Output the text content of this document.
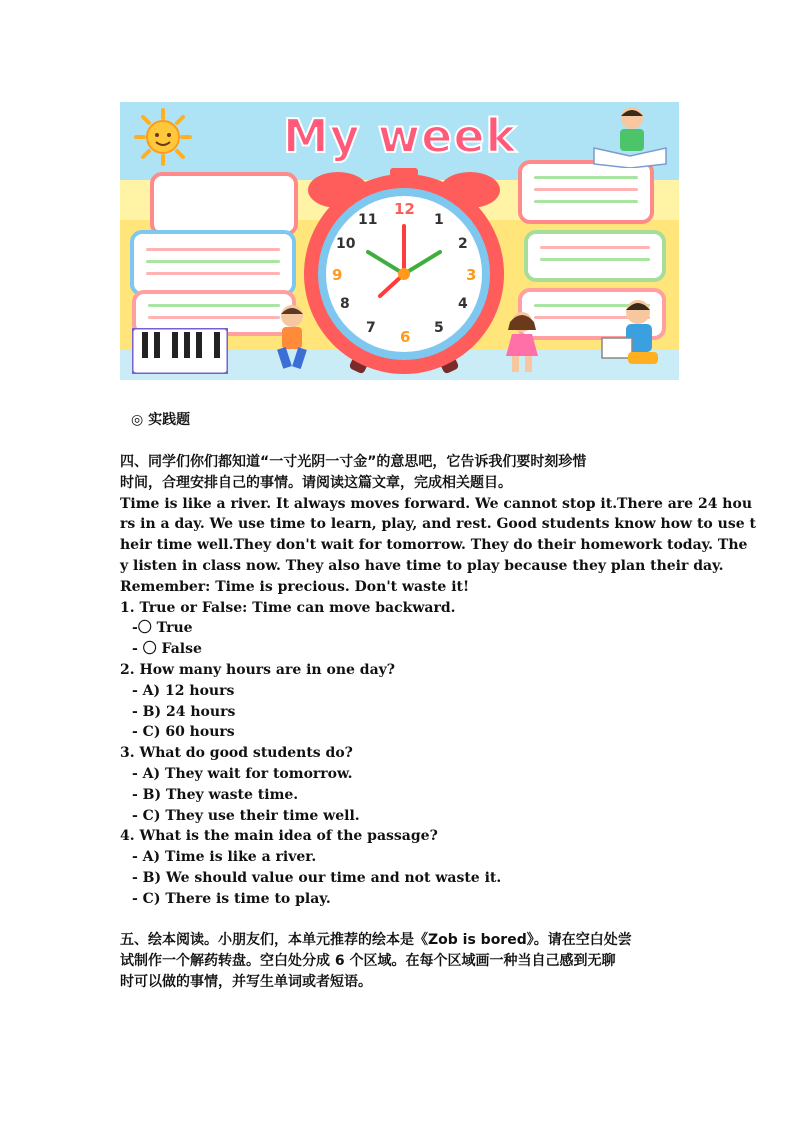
My week
12
1
2
3
4
5
6
7
8
9
10
11
◎ 实践题
四、同学们你们都知道“一寸光阴一寸金”的意思吧，它告诉我们要时刻珍惜
时间，合理安排自己的事情。请阅读这篇文章，完成相关题目。
Time is like a river. It always moves forward. We cannot stop it.There are 24 hou
rs in a day. We use time to learn, play, and rest. Good students know how to use t
heir time well.They don't wait for tomorrow. They do their homework today. The
y listen in class now. They also have time to play because they plan their day.
Remember: Time is precious. Don't waste it!
1. True or False: Time can move backward.
-〇 True
- 〇 False
2. How many hours are in one day?
- A) 12 hours
- B) 24 hours
- C) 60 hours
3. What do good students do?
- A) They wait for tomorrow.
- B) They waste time.
- C) They use their time well.
4. What is the main idea of the passage?
- A) Time is like a river.
- B) We should value our time and not waste it.
- C) There is time to play.
五、绘本阅读。小朋友们，本单元推荐的绘本是《Zob is bored》。请在空白处尝
试制作一个解药转盘。空白处分成 6 个区域。在每个区域画一种当自己感到无聊
时可以做的事情，并写生单词或者短语。
